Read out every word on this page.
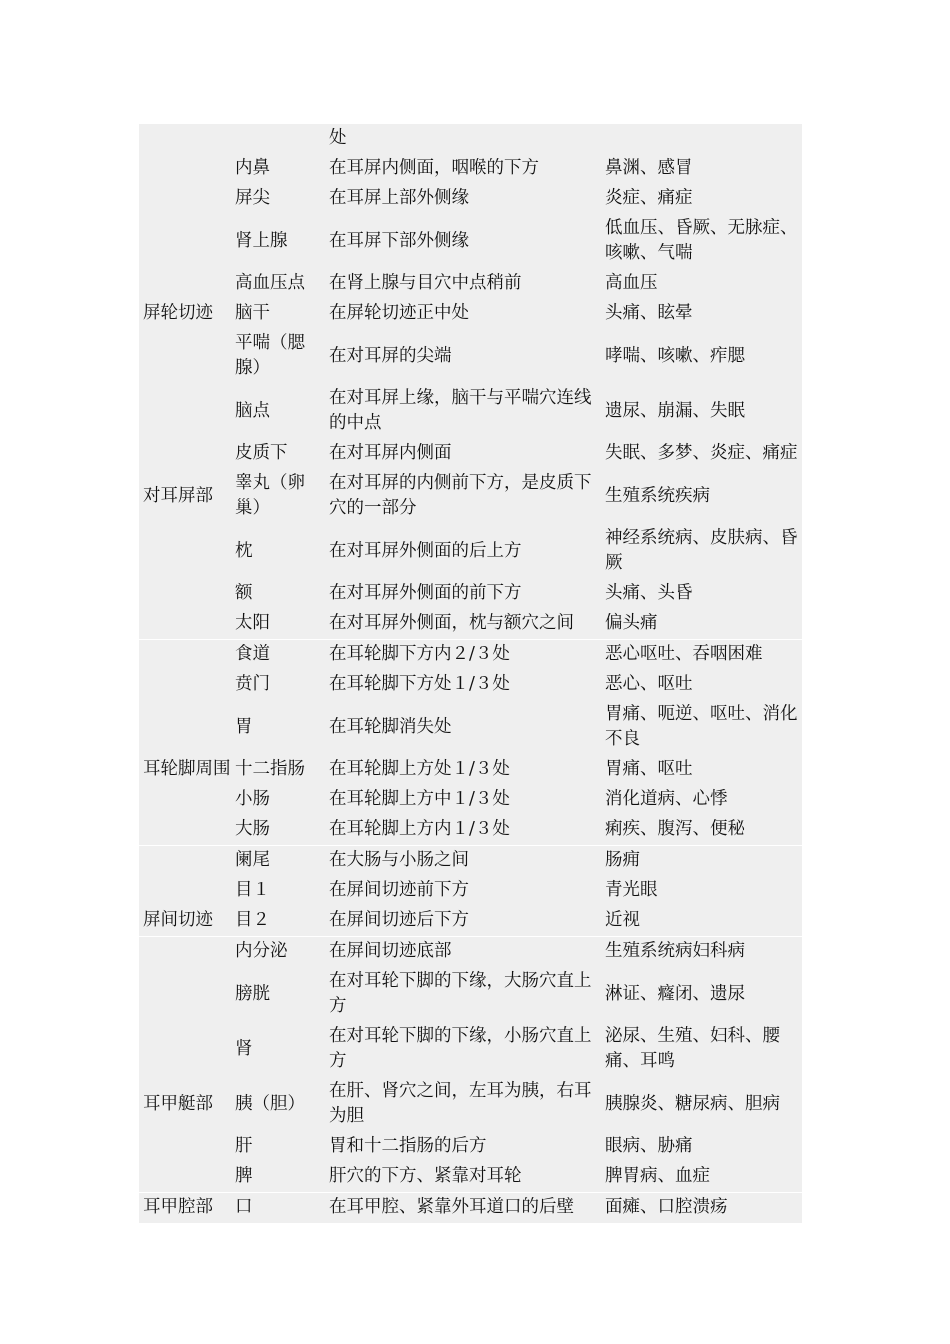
		处	
	内鼻	在耳屏内侧面，咽喉的下方	鼻渊、感冒
	屏尖	在耳屏上部外侧缘	炎症、痛症
	肾上腺	在耳屏下部外侧缘	低血压、昏厥、无脉症、咳嗽、气喘
	高血压点	在肾上腺与目穴中点稍前	高血压
屏轮切迹	脑干	在屏轮切迹正中处	头痛、眩晕
	平喘（腮腺）	在对耳屏的尖端	哮喘、咳嗽、痄腮
	脑点	在对耳屏上缘，脑干与平喘穴连线的中点	遗尿、崩漏、失眠
	皮质下	在对耳屏内侧面	失眠、多梦、炎症、痛症
对耳屏部	睾丸（卵巢）	在对耳屏的内侧前下方，是皮质下穴的一部分	生殖系统疾病
	枕	在对耳屏外侧面的后上方	神经系统病、皮肤病、昏厥
	额	在对耳屏外侧面的前下方	头痛、头昏
	太阳	在对耳屏外侧面，枕与额穴之间	偏头痛
	食道	在耳轮脚下方内２/３处	恶心呕吐、吞咽困难
	贲门	在耳轮脚下方处１/３处	恶心、呕吐
	胃	在耳轮脚消失处	胃痛、呃逆、呕吐、消化不良
耳轮脚周围	十二指肠	在耳轮脚上方处１/３处	胃痛、呕吐
	小肠	在耳轮脚上方中１/３处	消化道病、心悸
	大肠	在耳轮脚上方内１/３处	痢疾、腹泻、便秘
	阑尾	在大肠与小肠之间	肠痈
	目１	在屏间切迹前下方	青光眼
屏间切迹	目２	在屏间切迹后下方	近视
	内分泌	在屏间切迹底部	生殖系统病妇科病
	膀胱	在对耳轮下脚的下缘，大肠穴直上方	淋证、癃闭、遗尿
	肾	在对耳轮下脚的下缘，小肠穴直上方	泌尿、生殖、妇科、腰痛、耳鸣
耳甲艇部	胰（胆）	在肝、肾穴之间，左耳为胰，右耳为胆	胰腺炎、糖尿病、胆病
	肝	胃和十二指肠的后方	眼病、胁痛
	脾	肝穴的下方、紧靠对耳轮	脾胃病、血症
耳甲腔部	口	在耳甲腔、紧靠外耳道口的后壁	面瘫、口腔溃疡
